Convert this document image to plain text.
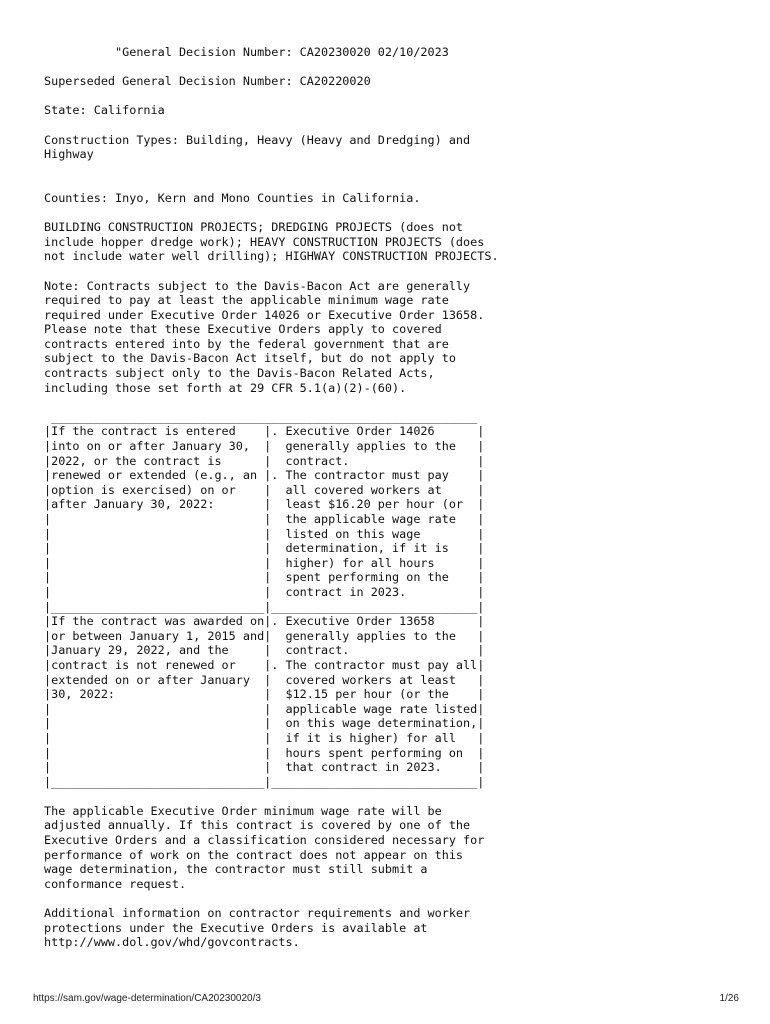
"General Decision Number: CA20230020 02/10/2023

Superseded General Decision Number: CA20220020

State: California

Construction Types: Building, Heavy (Heavy and Dredging) and
Highway

Counties: Inyo, Kern and Mono Counties in California.

BUILDING CONSTRUCTION PROJECTS; DREDGING PROJECTS (does not
include hopper dredge work); HEAVY CONSTRUCTION PROJECTS (does
not include water well drilling); HIGHWAY CONSTRUCTION PROJECTS.

Note: Contracts subject to the Davis-Bacon Act are generally
required to pay at least the applicable minimum wage rate
required under Executive Order 14026 or Executive Order 13658.
Please note that these Executive Orders apply to covered
contracts entered into by the federal government that are
subject to the Davis-Bacon Act itself, but do not apply to
contracts subject only to the Davis-Bacon Related Acts,
including those set forth at 29 CFR 5.1(a)(2)-(60).

____________________________________________________________
|If the contract is entered    |. Executive Order 14026      |
|into on or after January 30,  |  generally applies to the   |
|2022, or the contract is      |  contract.                  |
|renewed or extended (e.g., an |. The contractor must pay    |
|option is exercised) on or    |  all covered workers at     |
|after January 30, 2022:       |  least $16.20 per hour (or  |
|                              |  the applicable wage rate   |
|                              |  listed on this wage        |
|                              |  determination, if it is    |
|                              |  higher) for all hours      |
|                              |  spent performing on the    |
|                              |  contract in 2023.          |
|______________________________|_____________________________|
|If the contract was awarded on|. Executive Order 13658      |
|or between January 1, 2015 and|  generally applies to the   |
|January 29, 2022, and the     |  contract.                  |
|contract is not renewed or    |. The contractor must pay all|
|extended on or after January  |  covered workers at least   |
|30, 2022:                     |  $12.15 per hour (or the    |
|                              |  applicable wage rate listed|
|                              |  on this wage determination,|
|                              |  if it is higher) for all   |
|                              |  hours spent performing on  |
|                              |  that contract in 2023.     |
|______________________________|_____________________________|

The applicable Executive Order minimum wage rate will be
adjusted annually. If this contract is covered by one of the
Executive Orders and a classification considered necessary for
performance of work on the contract does not appear on this
wage determination, the contractor must still submit a
conformance request.

Additional information on contractor requirements and worker
protections under the Executive Orders is available at
http://www.dol.gov/whd/govcontracts.
https://sam.gov/wage-determination/CA20230020/3	1/26
